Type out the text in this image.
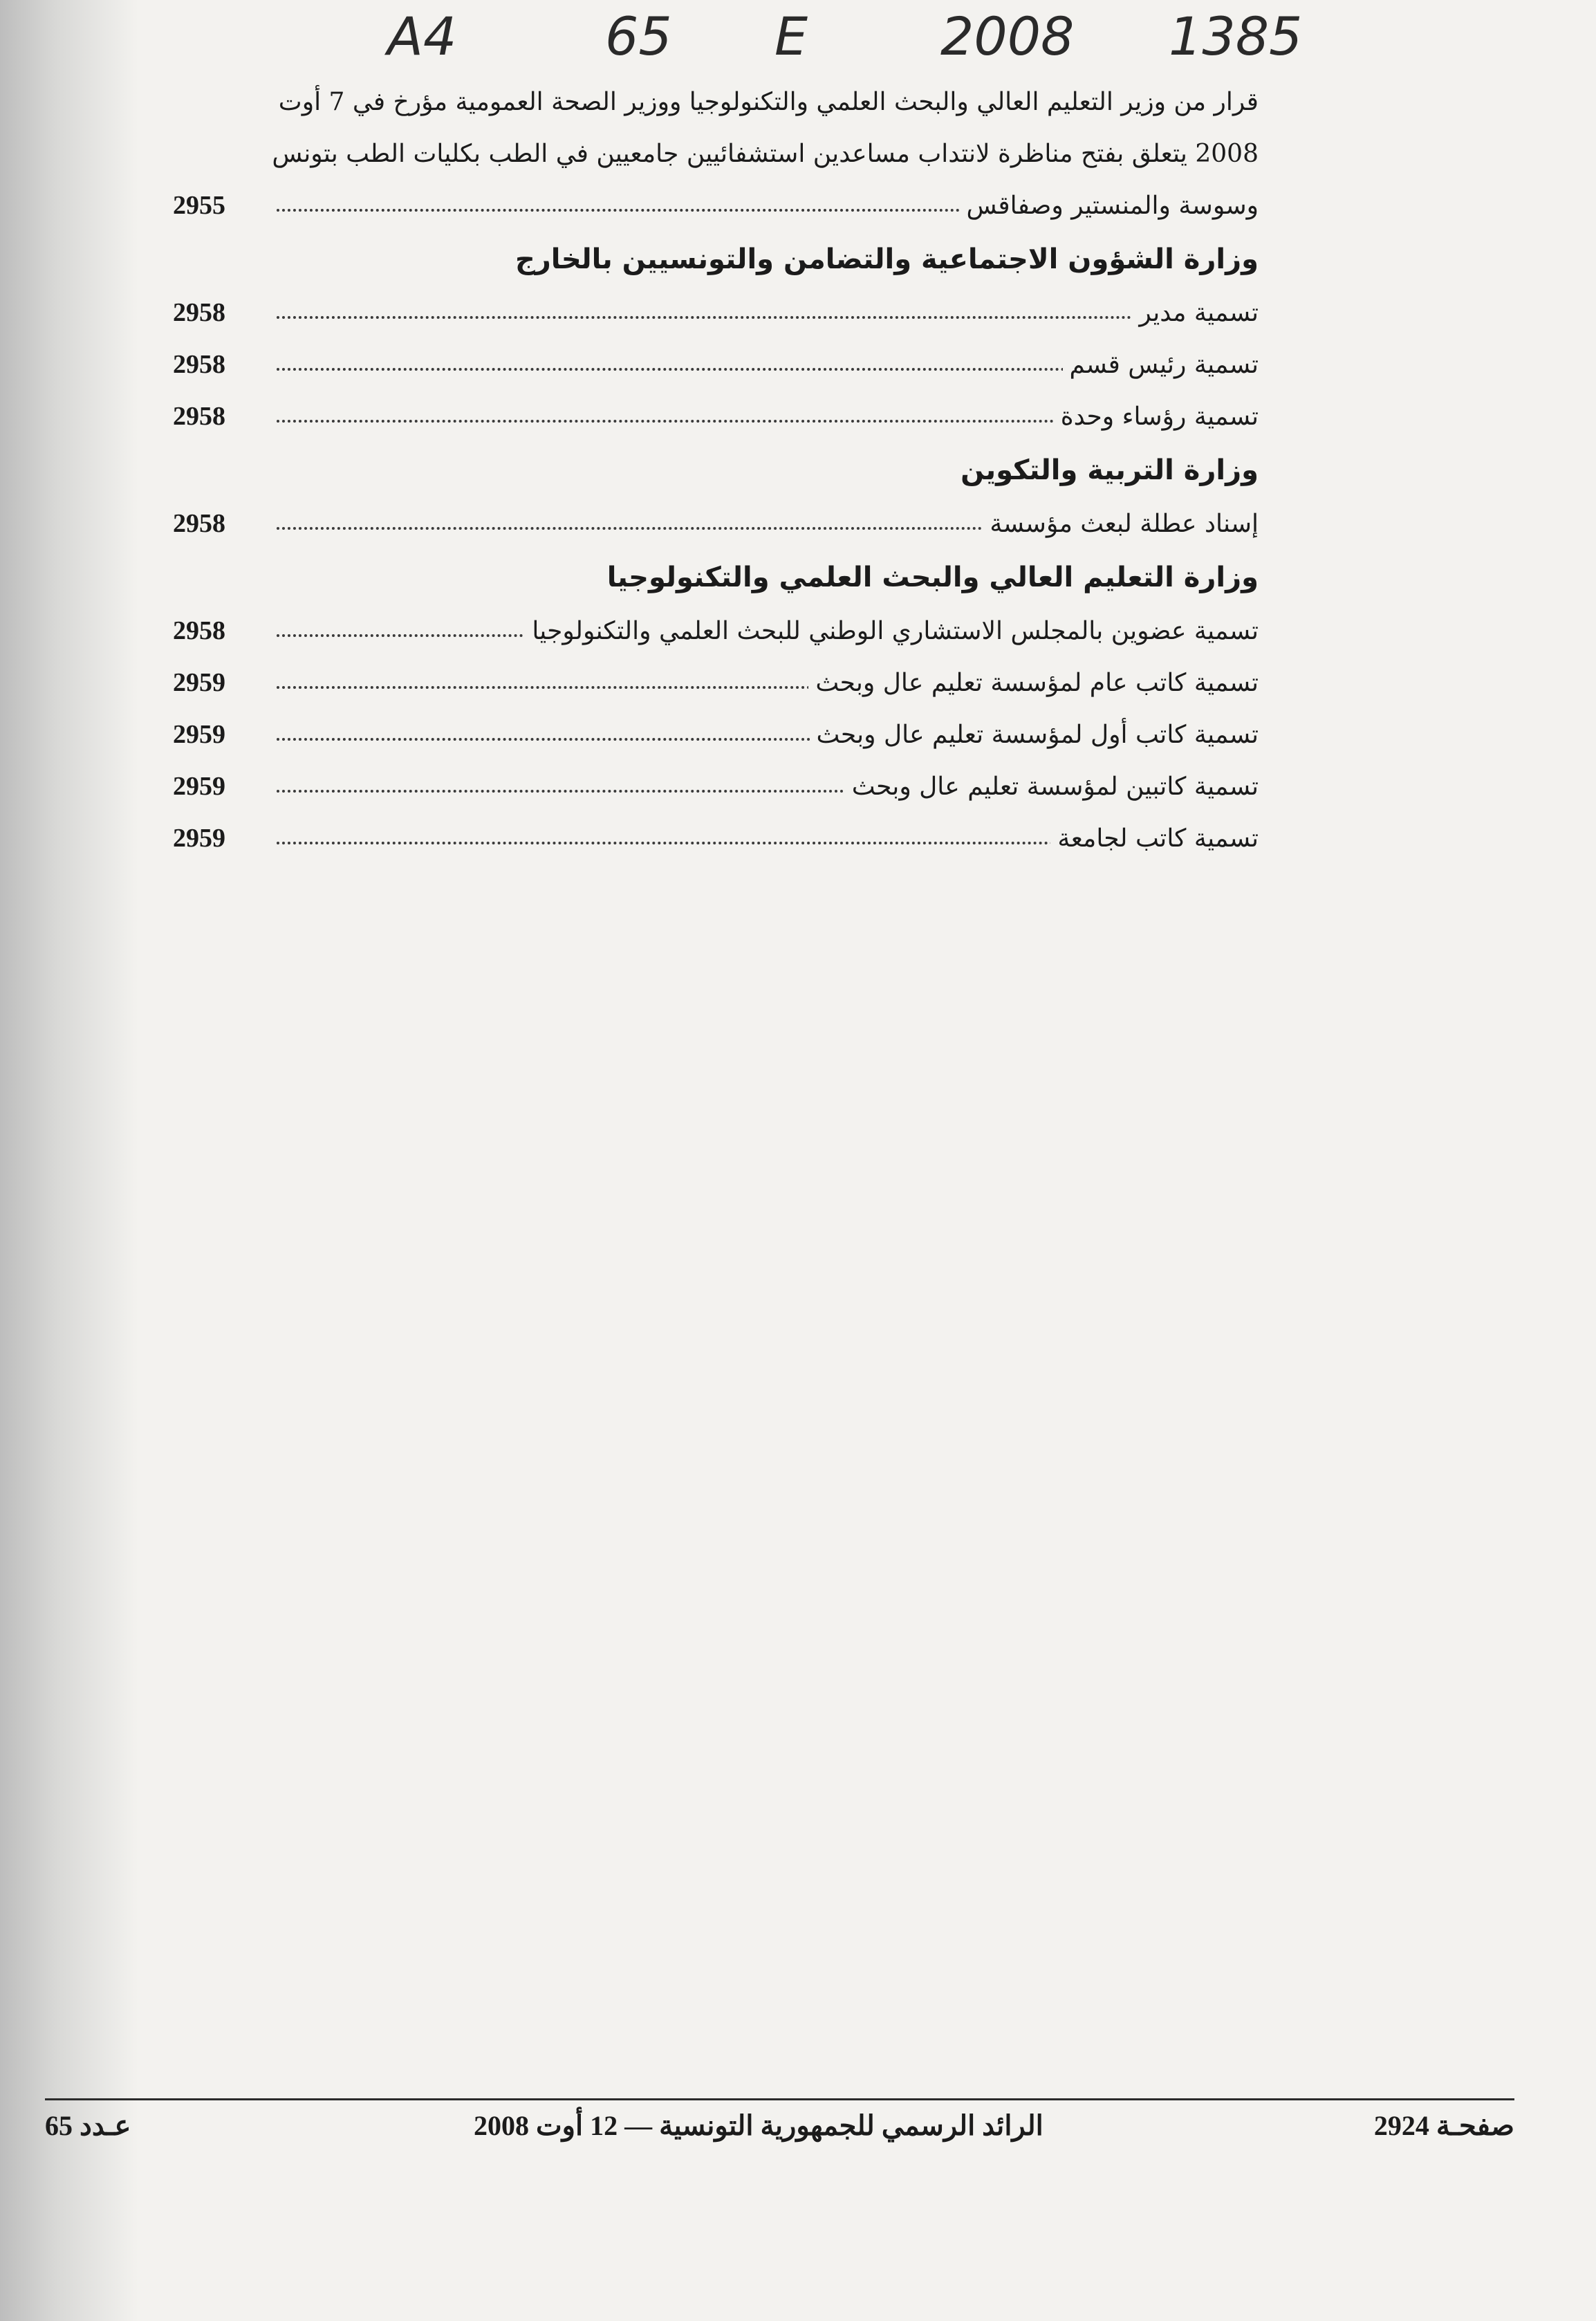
A4	65 E	2008 1385
قرار من وزير التعليم العالي والبحث العلمي والتكنولوجيا ووزير الصحة العمومية مؤرخ في 7 أوت
2008 يتعلق بفتح مناظرة لانتداب مساعدين استشفائيين جامعيين في الطب بكليات الطب بتونس
وسوسة والمنستير وصفاقس
2955
وزارة الشؤون الاجتماعية والتضامن والتونسيين بالخارج
تسمية مدير
2958
تسمية رئيس قسم
2958
تسمية رؤساء وحدة
2958
وزارة التربية والتكوين
إسناد عطلة لبعث مؤسسة
2958
وزارة التعليم العالي والبحث العلمي والتكنولوجيا
تسمية عضوين بالمجلس الاستشاري الوطني للبحث العلمي والتكنولوجيا
2958
تسمية كاتب عام لمؤسسة تعليم عال وبحث
2959
تسمية كاتب أول لمؤسسة تعليم عال وبحث
2959
تسمية كاتبين لمؤسسة تعليم عال وبحث
2959
تسمية كاتب لجامعة
2959
صفحـة 2924
الرائد الرسمي للجمهورية التونسية — 12 أوت 2008
عـدد 65
